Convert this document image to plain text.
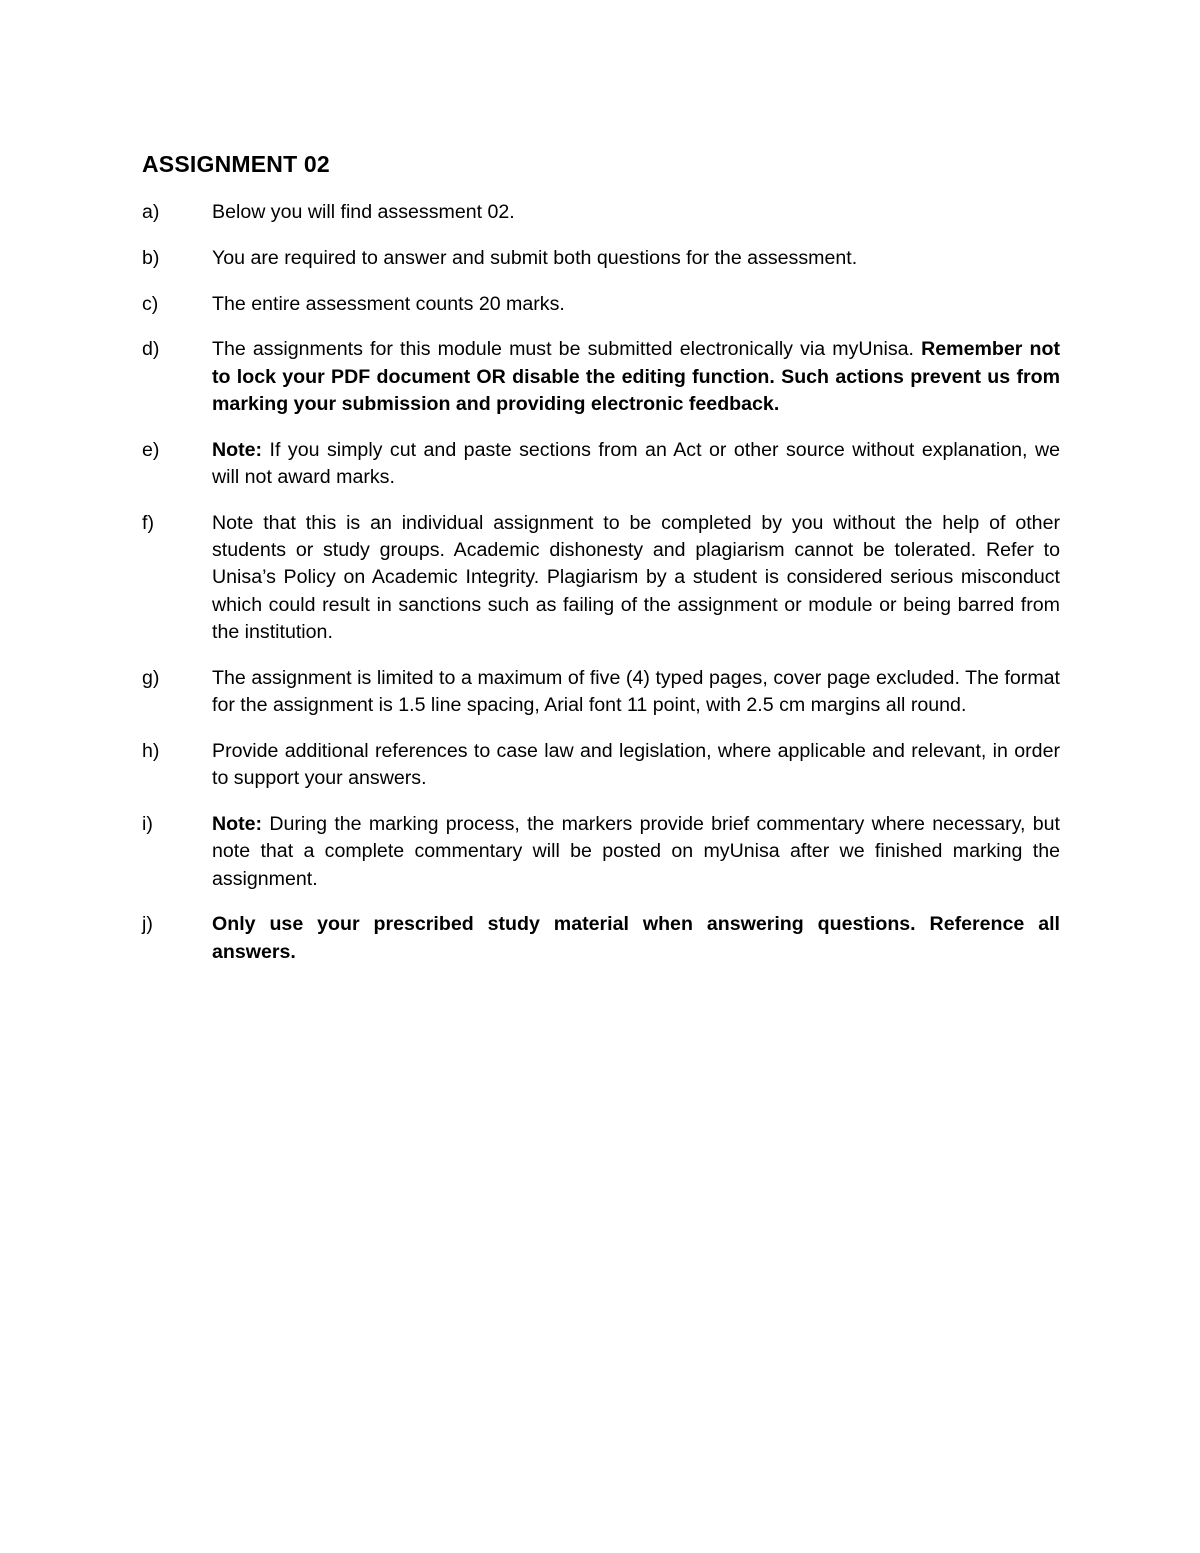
ASSIGNMENT 02
a)	Below you will find assessment 02.
b)	You are required to answer and submit both questions for the assessment.
c)	The entire assessment counts 20 marks.
d)	The assignments for this module must be submitted electronically via myUnisa. Remember not to lock your PDF document OR disable the editing function. Such actions prevent us from marking your submission and providing electronic feedback.
e)	Note: If you simply cut and paste sections from an Act or other source without explanation, we will not award marks.
f)	Note that this is an individual assignment to be completed by you without the help of other students or study groups. Academic dishonesty and plagiarism cannot be tolerated. Refer to Unisa’s Policy on Academic Integrity. Plagiarism by a student is considered serious misconduct which could result in sanctions such as failing of the assignment or module or being barred from the institution.
g)	The assignment is limited to a maximum of five (4) typed pages, cover page excluded. The format for the assignment is 1.5 line spacing, Arial font 11 point, with 2.5 cm margins all round.
h)	Provide additional references to case law and legislation, where applicable and relevant, in order to support your answers.
i)	Note: During the marking process, the markers provide brief commentary where necessary, but note that a complete commentary will be posted on myUnisa after we finished marking the assignment.
j)	Only use your prescribed study material when answering questions. Reference all answers.
